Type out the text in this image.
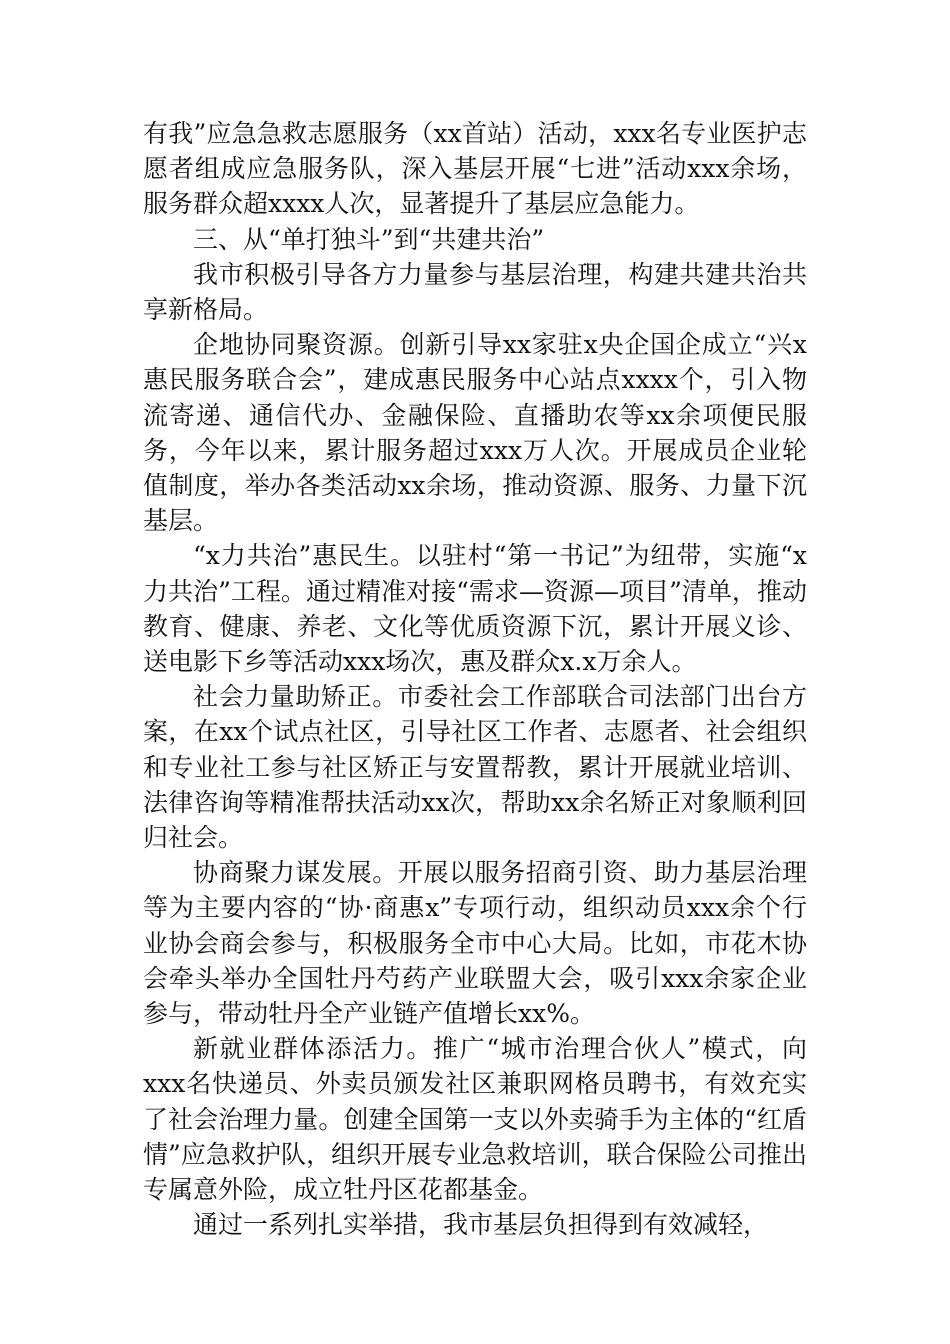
有我”应急急救志愿服务（xx首站）活动，xxx名专业医护志愿者组成应急服务队，深入基层开展“七进”活动xxx余场，服务群众超xxxx人次，显著提升了基层应急能力。

三、从“单打独斗”到“共建共治”

我市积极引导各方力量参与基层治理，构建共建共治共享新格局。

企地协同聚资源。创新引导xx家驻x央企国企成立“兴x惠民服务联合会”，建成惠民服务中心站点xxxx个，引入物流寄递、通信代办、金融保险、直播助农等xx余项便民服务，今年以来，累计服务超过xxx万人次。开展成员企业轮值制度，举办各类活动xx余场，推动资源、服务、力量下沉基层。

“x力共治”惠民生。以驻村“第一书记”为纽带，实施“x力共治”工程。通过精准对接“需求—资源—项目”清单，推动教育、健康、养老、文化等优质资源下沉，累计开展义诊、送电影下乡等活动xxx场次，惠及群众x.x万余人。

社会力量助矫正。市委社会工作部联合司法部门出台方案，在xx个试点社区，引导社区工作者、志愿者、社会组织和专业社工参与社区矫正与安置帮教，累计开展就业培训、法律咨询等精准帮扶活动xx次，帮助xx余名矫正对象顺利回归社会。

协商聚力谋发展。开展以服务招商引资、助力基层治理等为主要内容的“协·商惠x”专项行动，组织动员xxx余个行业协会商会参与，积极服务全市中心大局。比如，市花木协会牵头举办全国牡丹芍药产业联盟大会，吸引xxx余家企业参与，带动牡丹全产业链产值增长xx%。

新就业群体添活力。推广“城市治理合伙人”模式，向xxx名快递员、外卖员颁发社区兼职网格员聘书，有效充实了社会治理力量。创建全国第一支以外卖骑手为主体的“红盾情”应急救护队，组织开展专业急救培训，联合保险公司推出专属意外险，成立牡丹区花都基金。

通过一系列扎实举措，我市基层负担得到有效减轻，
